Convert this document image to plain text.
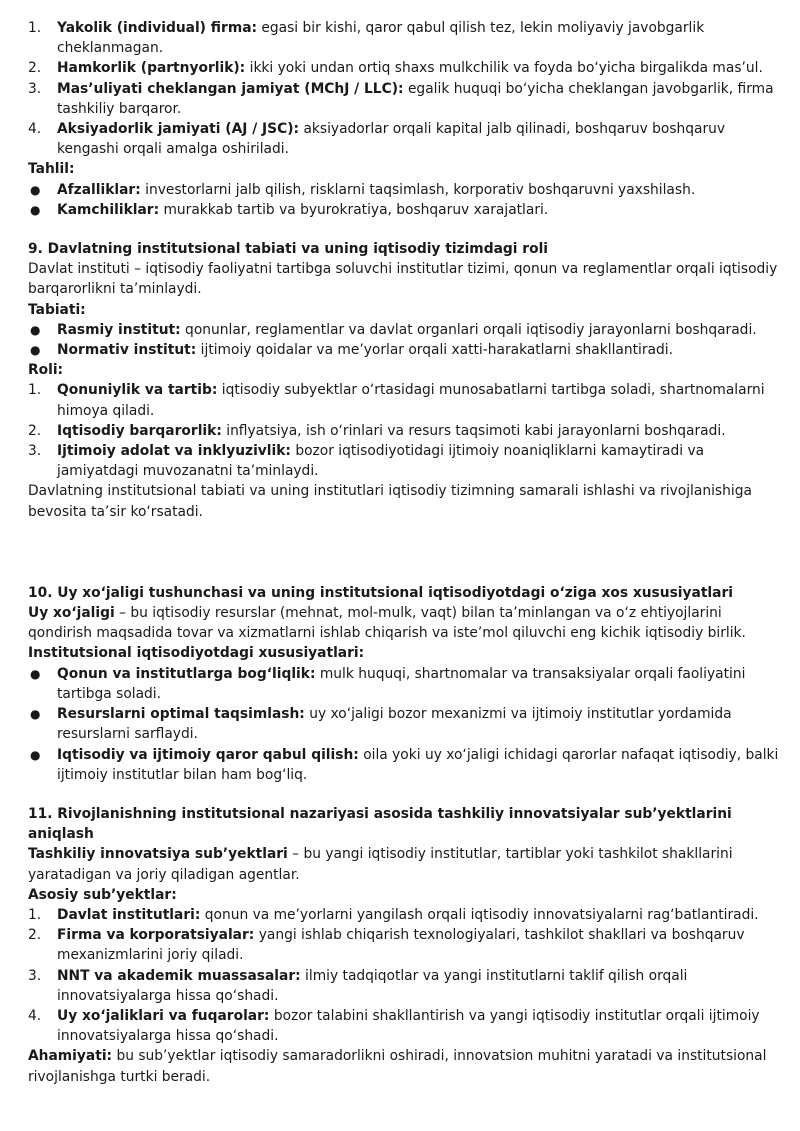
1. Yakolik (individual) firma: egasi bir kishi, qaror qabul qilish tez, lekin moliyaviy javobgarlik cheklanmagan.

2. Hamkorlik (partnyorlik): ikki yoki undan ortiq shaxs mulkchilik va foyda bo‘yicha birgalikda mas’ul.

3. Mas’uliyati cheklangan jamiyat (MChJ / LLC): egalik huquqi bo‘yicha cheklangan javobgarlik, firma tashkiliy barqaror.

4. Aksiyadorlik jamiyati (AJ / JSC): aksiyadorlar orqali kapital jalb qilinadi, boshqaruv boshqaruv kengashi orqali amalga oshiriladi.

Tahlil:

● Afzalliklar: investorlarni jalb qilish, risklarni taqsimlash, korporativ boshqaruvni yaxshilash.

● Kamchiliklar: murakkab tartib va byurokratiya, boshqaruv xarajatlari.

9. Davlatning institutsional tabiati va uning iqtisodiy tizimdagi roli

Davlat instituti – iqtisodiy faoliyatni tartibga soluvchi institutlar tizimi, qonun va reglamentlar orqali iqtisodiy barqarorlikni ta’minlaydi.

Tabiati:

● Rasmiy institut: qonunlar, reglamentlar va davlat organlari orqali iqtisodiy jarayonlarni boshqaradi.

● Normativ institut: ijtimoiy qoidalar va me’yorlar orqali xatti-harakatlarni shakllantiradi.

Roli:

1. Qonuniylik va tartib: iqtisodiy subyektlar o‘rtasidagi munosabatlarni tartibga soladi, shartnomalarni himoya qiladi.

2. Iqtisodiy barqarorlik: inflyatsiya, ish o‘rinlari va resurs taqsimoti kabi jarayonlarni boshqaradi.

3. Ijtimoiy adolat va inklyuzivlik: bozor iqtisodiyotidagi ijtimoiy noaniqliklarni kamaytiradi va jamiyatdagi muvozanatni ta’minlaydi.

Davlatning institutsional tabiati va uning institutlari iqtisodiy tizimning samarali ishlashi va rivojlanishiga bevosita ta’sir ko‘rsatadi.

10. Uy xo‘jaligi tushunchasi va uning institutsional iqtisodiyotdagi o‘ziga xos xususiyatlari

Uy xo‘jaligi – bu iqtisodiy resurslar (mehnat, mol-mulk, vaqt) bilan ta’minlangan va o‘z ehtiyojlarini qondirish maqsadida tovar va xizmatlarni ishlab chiqarish va iste’mol qiluvchi eng kichik iqtisodiy birlik.

Institutsional iqtisodiyotdagi xususiyatlari:

● Qonun va institutlarga bog‘liqlik: mulk huquqi, shartnomalar va transaksiyalar orqali faoliyatini tartibga soladi.

● Resurslarni optimal taqsimlash: uy xo‘jaligi bozor mexanizmi va ijtimoiy institutlar yordamida resurslarni sarflaydi.

● Iqtisodiy va ijtimoiy qaror qabul qilish: oila yoki uy xo‘jaligi ichidagi qarorlar nafaqat iqtisodiy, balki ijtimoiy institutlar bilan ham bog‘liq.

11. Rivojlanishning institutsional nazariyasi asosida tashkiliy innovatsiyalar sub’yektlarini aniqlash

Tashkiliy innovatsiya sub’yektlari – bu yangi iqtisodiy institutlar, tartiblar yoki tashkilot shakllarini yaratadigan va joriy qiladigan agentlar.

Asosiy sub’yektlar:

1. Davlat institutlari: qonun va me’yorlarni yangilash orqali iqtisodiy innovatsiyalarni rag‘batlantiradi.

2. Firma va korporatsiyalar: yangi ishlab chiqarish texnologiyalari, tashkilot shakllari va boshqaruv mexanizmlarini joriy qiladi.

3. NNT va akademik muassasalar: ilmiy tadqiqotlar va yangi institutlarni taklif qilish orqali innovatsiyalarga hissa qo‘shadi.

4. Uy xo‘jaliklari va fuqarolar: bozor talabini shakllantirish va yangi iqtisodiy institutlar orqali ijtimoiy innovatsiyalarga hissa qo‘shadi.

Ahamiyati: bu sub’yektlar iqtisodiy samaradorlikni oshiradi, innovatsion muhitni yaratadi va institutsional rivojlanishga turtki beradi.
